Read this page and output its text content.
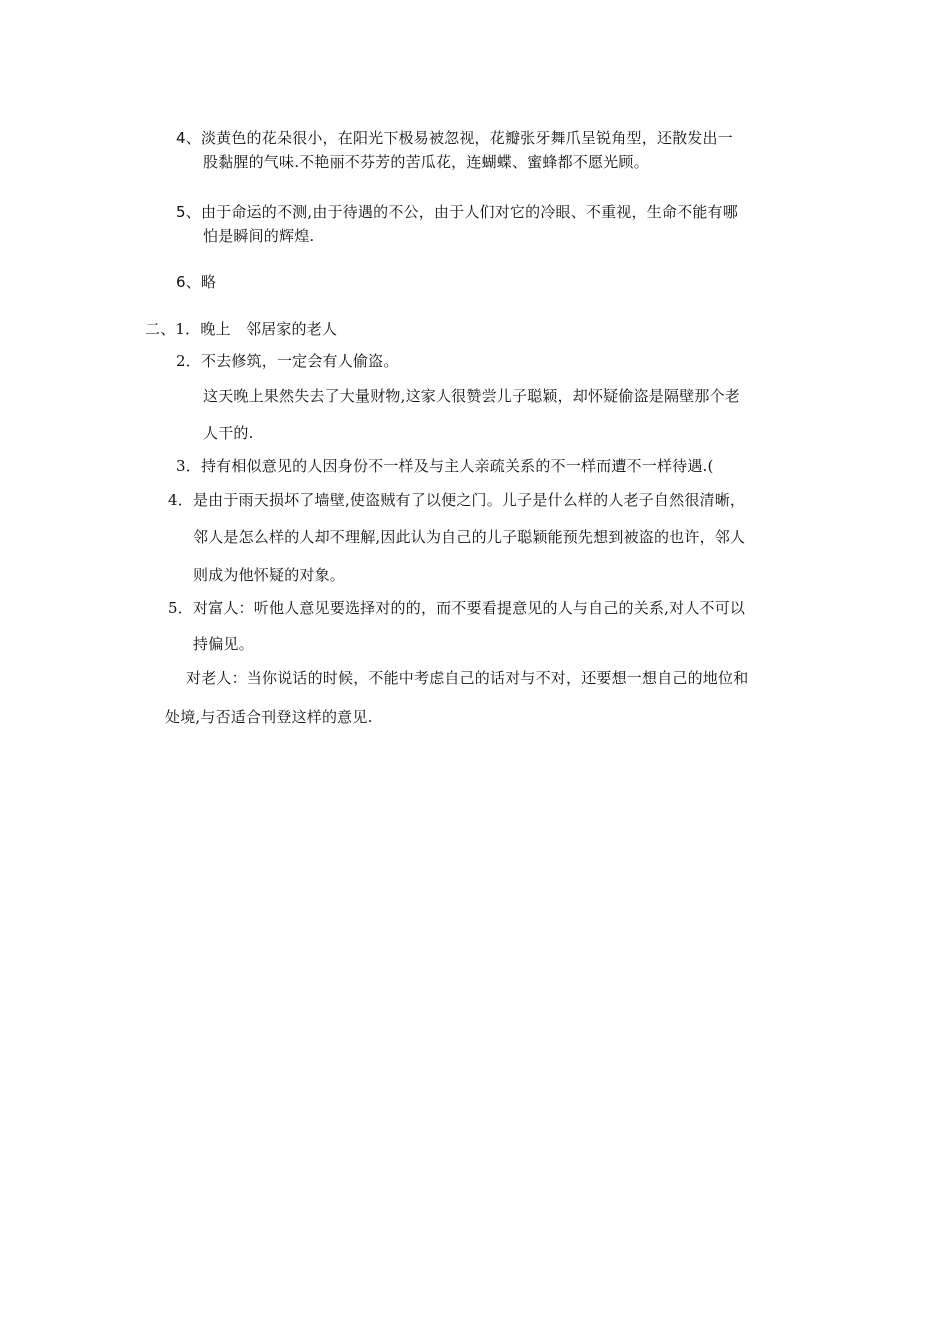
4、淡黄色的花朵很小，在阳光下极易被忽视，花瓣张牙舞爪呈锐角型，还散发出一
股黏腥的气味.不艳丽不芬芳的苦瓜花，连蝴蝶、蜜蜂都不愿光顾。
5、由于命运的不测,由于待遇的不公，由于人们对它的冷眼、不重视，生命不能有哪
怕是瞬间的辉煌.
6、略
二、1．晚上　邻居家的老人
2．不去修筑，一定会有人偷盗。
这天晚上果然失去了大量财物,这家人很赞尝儿子聪颖，却怀疑偷盗是隔壁那个老
人干的.
3．持有相似意见的人因身份不一样及与主人亲疏关系的不一样而遭不一样待遇.(
4．是由于雨天损坏了墙壁,使盗贼有了以便之门。儿子是什么样的人老子自然很清晰，
邻人是怎么样的人却不理解,因此认为自己的儿子聪颖能预先想到被盗的也许，邻人
则成为他怀疑的对象。
5．对富人：听他人意见要选择对的的，而不要看提意见的人与自己的关系,对人不可以
持偏见。
对老人：当你说话的时候，不能中考虑自己的话对与不对，还要想一想自己的地位和
处境,与否适合刊登这样的意见.
